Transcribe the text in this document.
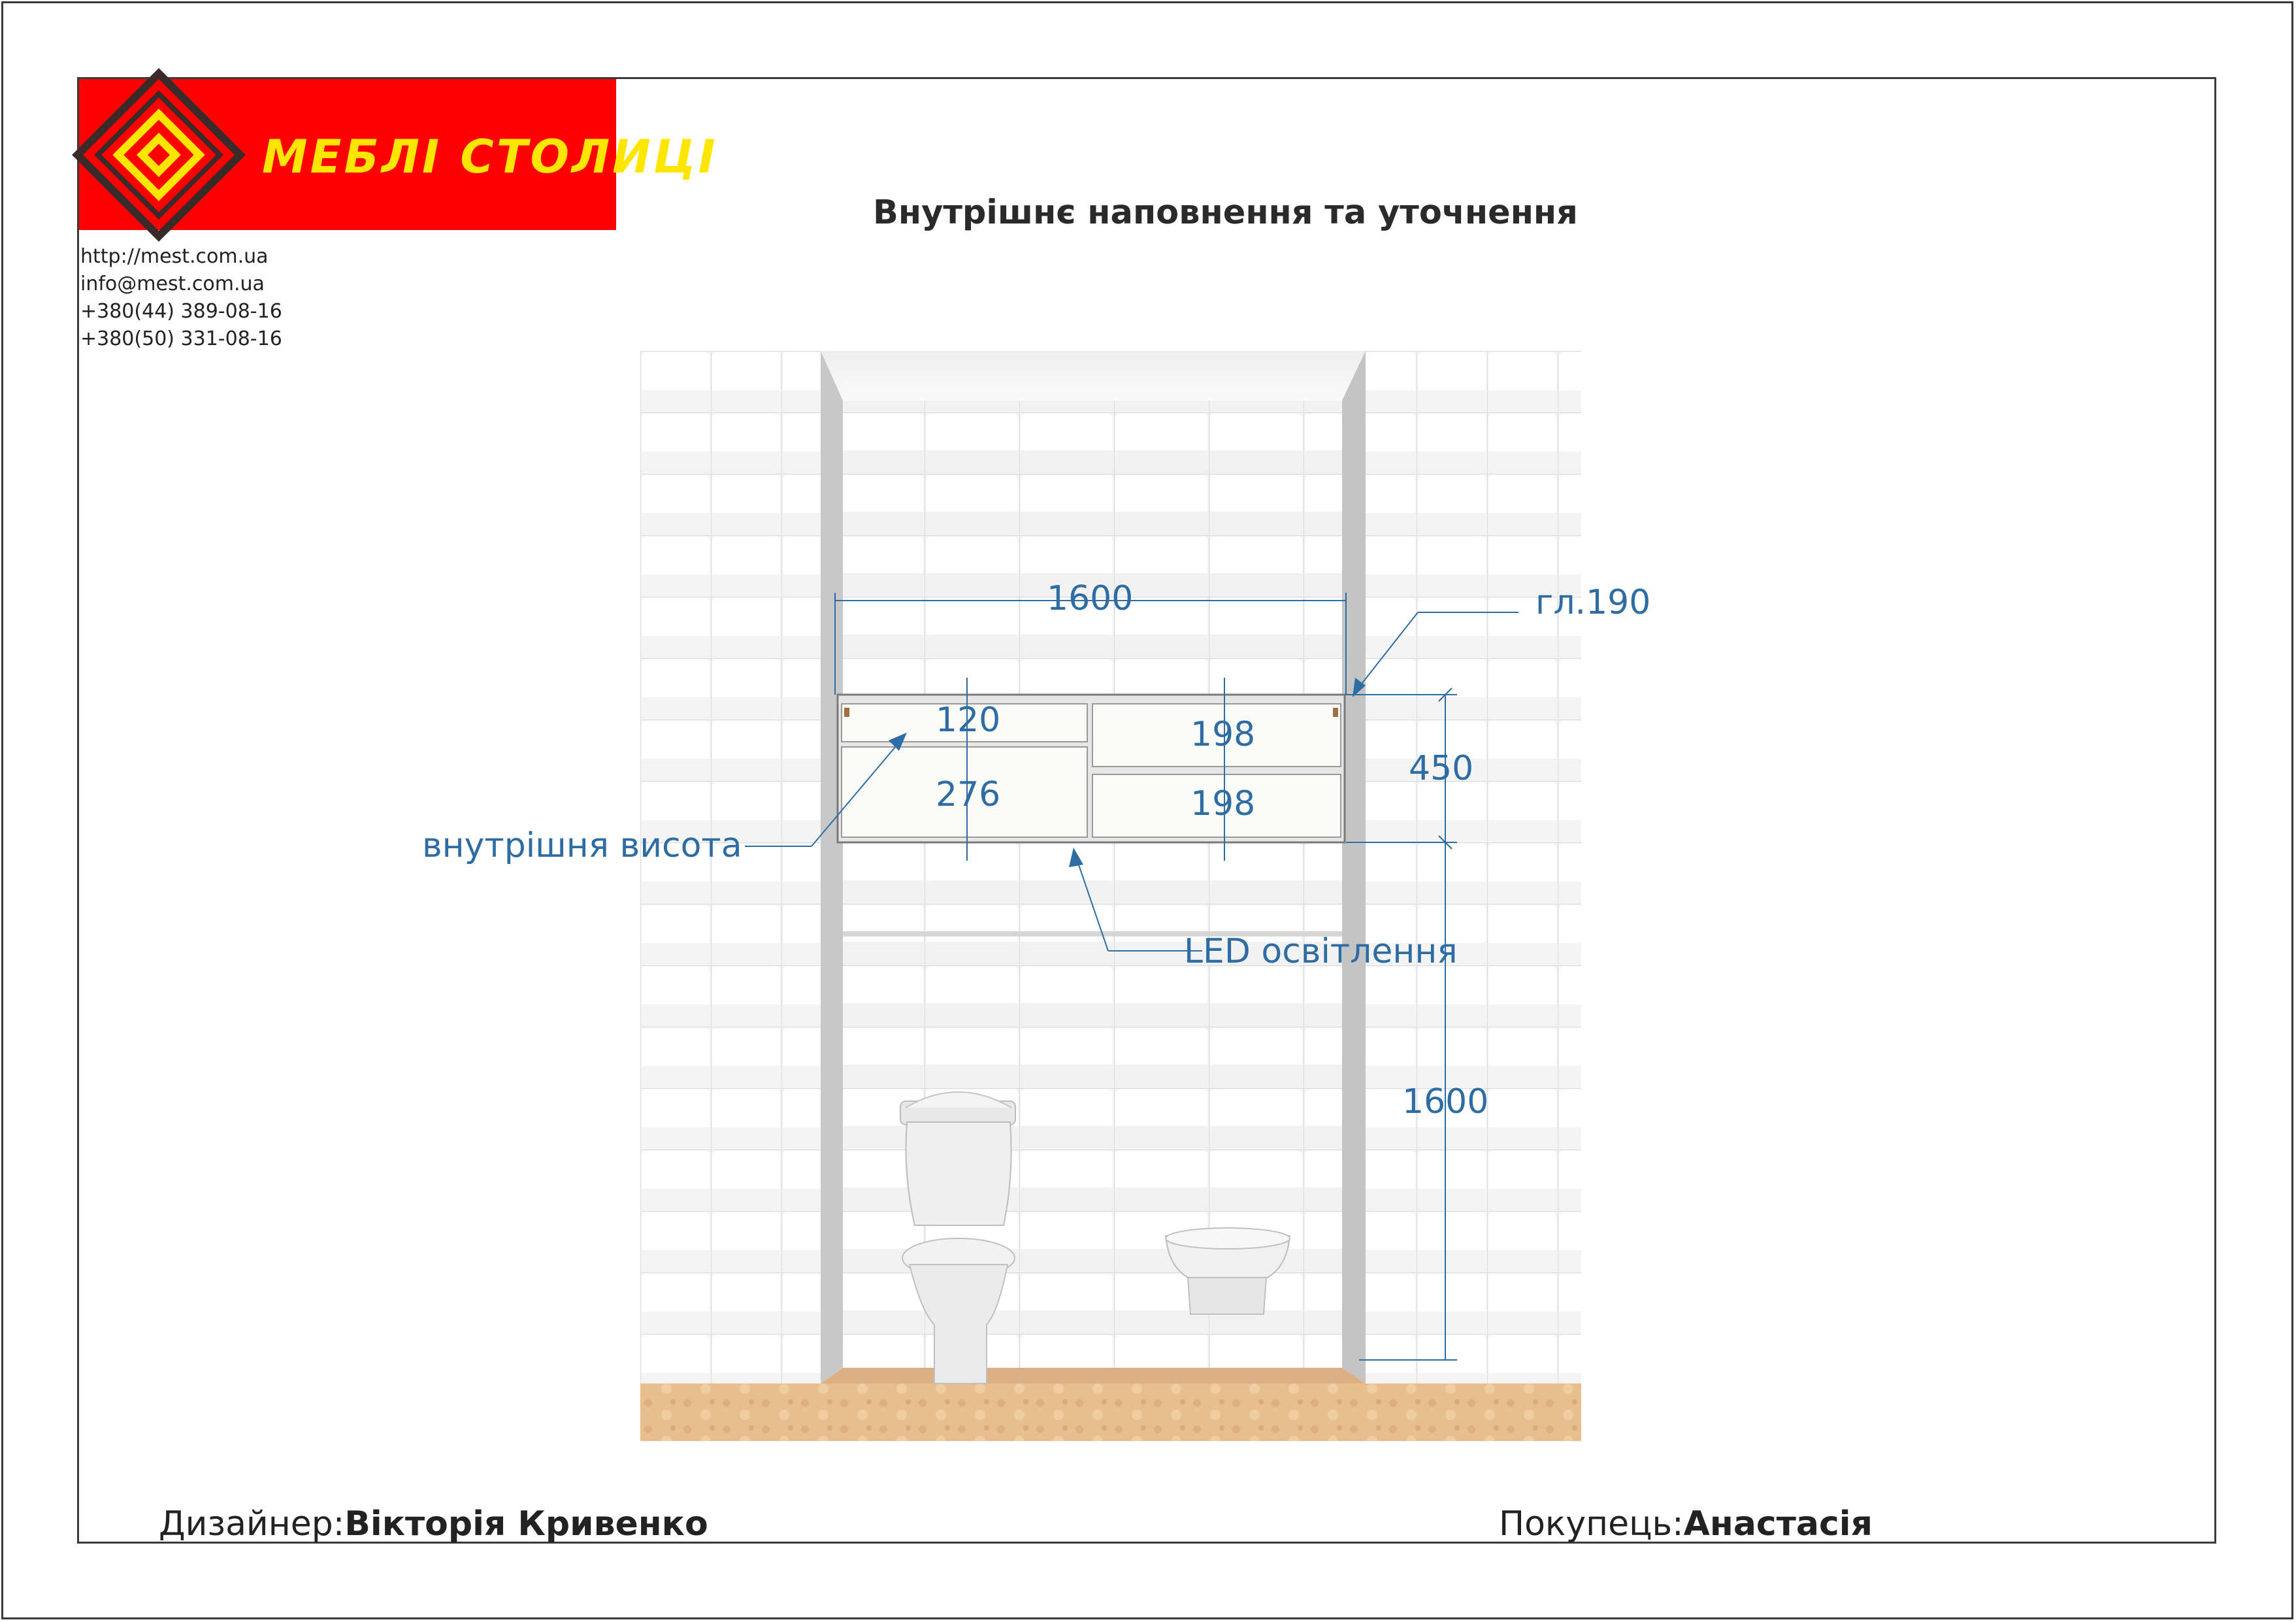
МЕБЛІ СТОЛИЦІ
http://mest.com.ua
info@mest.com.ua
+380(44) 389-08-16
+380(50) 331-08-16
Внутрішнє наповнення та уточнення
1600	гл.190
120
276
198
198
450
1600
внутрішня висота
LED освітлення
Дизайнер:Вікторія Кривенко	Покупець:Анастасія
